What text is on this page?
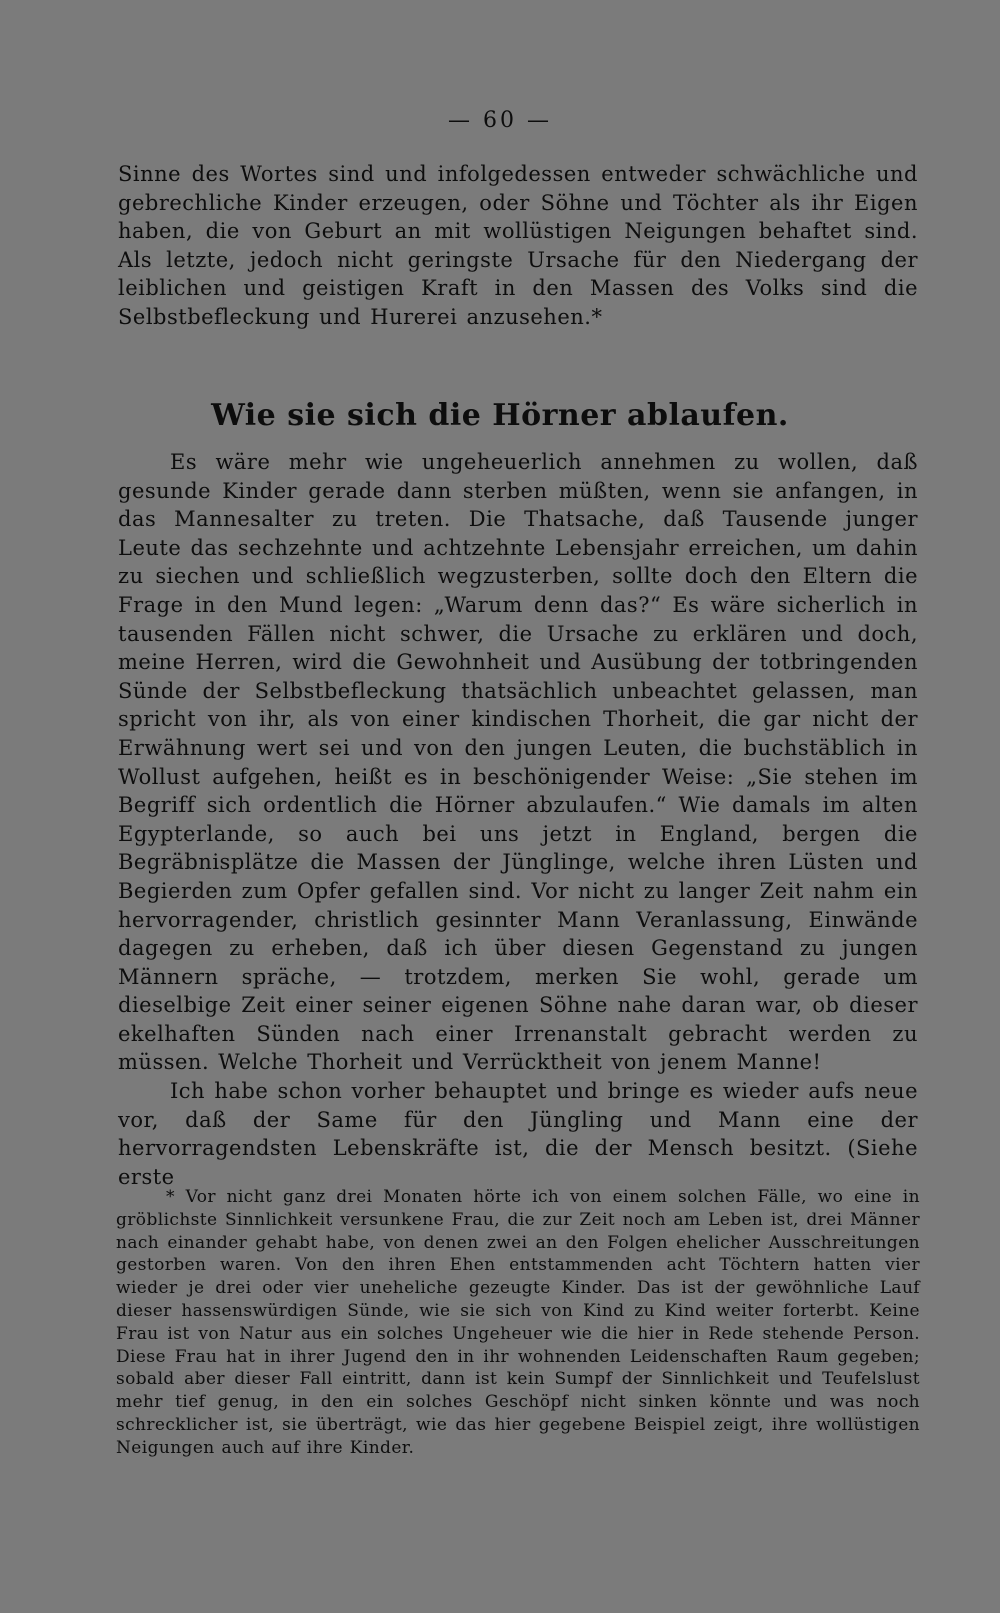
— 60 —

Sinne des Wortes sind und infolgedessen entweder schwächliche und gebrechliche Kinder erzeugen, oder Söhne und Töchter als ihr Eigen haben, die von Geburt an mit wollüstigen Neigungen behaftet sind. Als letzte, jedoch nicht geringste Ursache für den Niedergang der leiblichen und geistigen Kraft in den Massen des Volks sind die Selbstbefleckung und Hurerei anzusehen.*

Wie sie sich die Hörner ablaufen.

Es wäre mehr wie ungeheuerlich annehmen zu wollen, daß gesunde Kinder gerade dann sterben müßten, wenn sie anfangen, in das Mannesalter zu treten. Die Thatsache, daß Tausende junger Leute das sechzehnte und achtzehnte Lebensjahr erreichen, um dahin zu siechen und schließlich wegzusterben, sollte doch den Eltern die Frage in den Mund legen: „Warum denn das?“ Es wäre sicherlich in tausenden Fällen nicht schwer, die Ursache zu erklären und doch, meine Herren, wird die Gewohnheit und Ausübung der totbringenden Sünde der Selbstbefleckung thatsächlich unbeachtet gelassen, man spricht von ihr, als von einer kindischen Thorheit, die gar nicht der Erwähnung wert sei und von den jungen Leuten, die buchstäblich in Wollust aufgehen, heißt es in beschönigender Weise: „Sie stehen im Begriff sich ordentlich die Hörner abzulaufen.“ Wie damals im alten Egypterlande, so auch bei uns jetzt in England, bergen die Begräbnisplätze die Massen der Jünglinge, welche ihren Lüsten und Begierden zum Opfer gefallen sind. Vor nicht zu langer Zeit nahm ein hervorragender, christlich gesinnter Mann Veranlassung, Einwände dagegen zu erheben, daß ich über diesen Gegenstand zu jungen Männern spräche, — trotzdem, merken Sie wohl, gerade um dieselbige Zeit einer seiner eigenen Söhne nahe daran war, ob dieser ekelhaften Sünden nach einer Irrenanstalt gebracht werden zu müssen. Welche Thorheit und Verrücktheit von jenem Manne!

Ich habe schon vorher behauptet und bringe es wieder aufs neue vor, daß der Same für den Jüngling und Mann eine der hervorragendsten Lebenskräfte ist, die der Mensch besitzt. (Siehe erste

* Vor nicht ganz drei Monaten hörte ich von einem solchen Fälle, wo eine in gröblichste Sinnlichkeit versunkene Frau, die zur Zeit noch am Leben ist, drei Männer nach einander gehabt habe, von denen zwei an den Folgen ehelicher Ausschreitungen gestorben waren. Von den ihren Ehen entstammenden acht Töchtern hatten vier wieder je drei oder vier uneheliche gezeugte Kinder. Das ist der gewöhnliche Lauf dieser hassenswürdigen Sünde, wie sie sich von Kind zu Kind weiter forterbt. Keine Frau ist von Natur aus ein solches Ungeheuer wie die hier in Rede stehende Person. Diese Frau hat in ihrer Jugend den in ihr wohnenden Leidenschaften Raum gegeben; sobald aber dieser Fall eintritt, dann ist kein Sumpf der Sinnlichkeit und Teufelslust mehr tief genug, in den ein solches Geschöpf nicht sinken könnte und was noch schrecklicher ist, sie überträgt, wie das hier gegebene Beispiel zeigt, ihre wollüstigen Neigungen auch auf ihre Kinder.
